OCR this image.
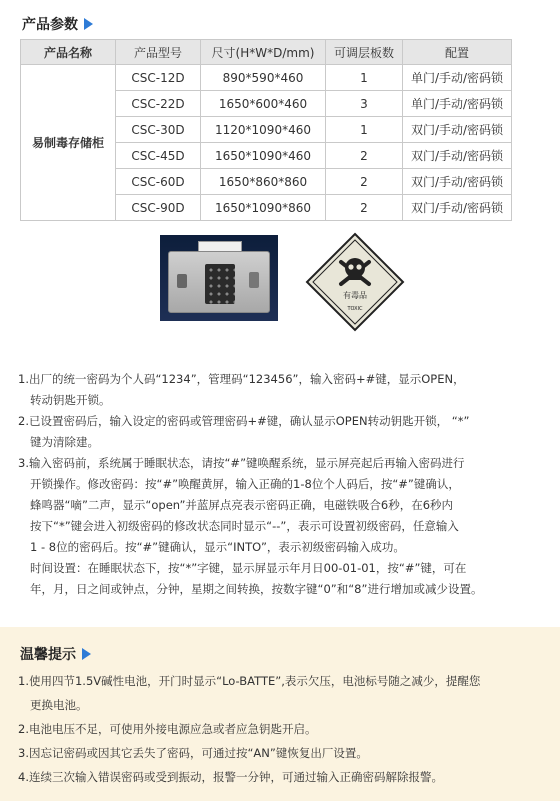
产品参数
产品名称	产品型号	尺寸(H*W*D/mm)	可调层板数	配置
易制毒存储柜	CSC-12D	890*590*460	1	单门/手动/密码锁
	CSC-22D	1650*600*460	3	单门/手动/密码锁
	CSC-30D	1120*1090*460	1	双门/手动/密码锁
	CSC-45D	1650*1090*460	2	双门/手动/密码锁
	CSC-60D	1650*860*860	2	双门/手动/密码锁
	CSC-90D	1650*1090*860	2	双门/手动/密码锁
有毒品
TOXIC
1.出厂的统一密码为个人码“1234”，管理码“123456”，输入密码+#键，显示OPEN，
转动钥匙开锁。
2.已设置密码后，输入设定的密码或管理密码+#键，确认显示OPEN转动钥匙开锁， “*”
键为清除建。
3.输入密码前，系统属于睡眠状态，请按“#”键唤醒系统，显示屏亮起后再输入密码进行
开锁操作。修改密码：按“#”唤醒黄屏，输入正确的1-8位个人码后，按“#”键确认，
蜂鸣器“嘀”二声，显示“open”并蓝屏点亮表示密码正确，电磁铁吸合6秒，在6秒内
按下“*”键会进入初级密码的修改状态同时显示“--”，表示可设置初级密码，任意输入
1 - 8位的密码后。按“#”键确认，显示“INTO”，表示初级密码输入成功。
时间设置：在睡眠状态下，按“*”字键，显示屏显示年月日00-01-01，按“#”键，可在
年，月，日之间或钟点，分钟，星期之间转换，按数字键“0”和“8”进行增加或减少设置。
温馨提示
1.使用四节1.5V碱性电池，开门时显示“Lo-BATTE”,表示欠压，电池标号随之减少，提醒您
更换电池。
2.电池电压不足，可使用外接电源应急或者应急钥匙开启。
3.因忘记密码或因其它丢失了密码，可通过按“AN”键恢复出厂设置。
4.连续三次输入错误密码或受到振动，报警一分钟，可通过输入正确密码解除报警。
